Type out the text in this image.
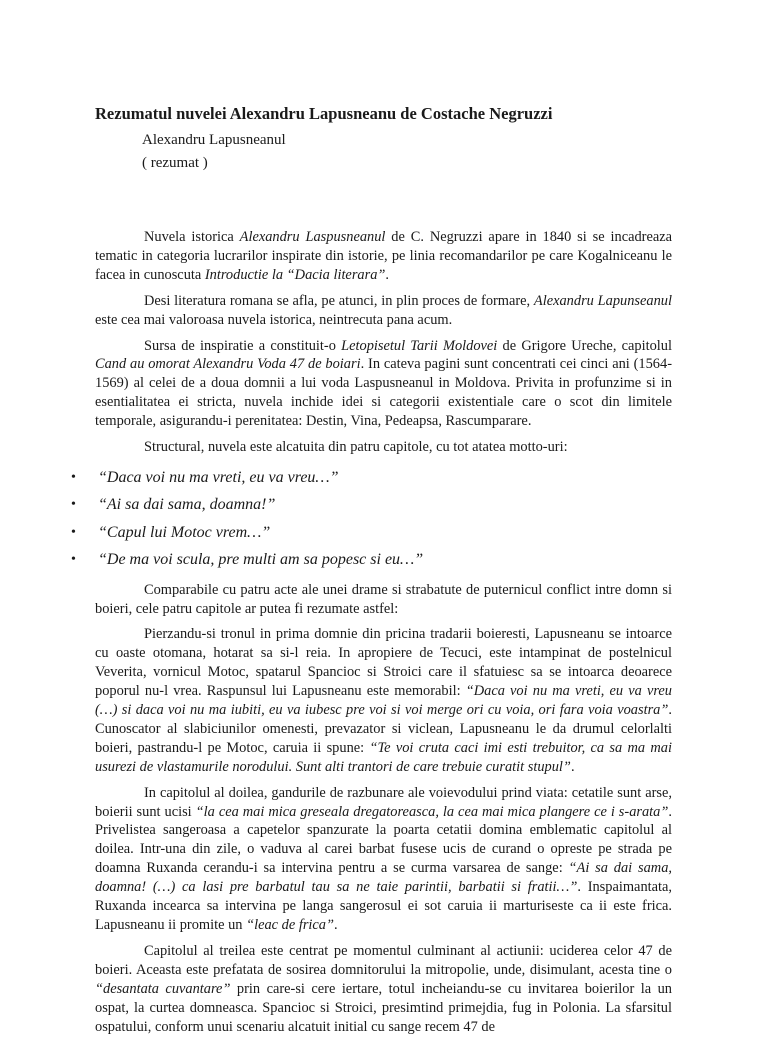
Rezumatul nuvelei Alexandru Lapusneanu de Costache Negruzzi
Alexandru Lapusneanul
( rezumat )

Nuvela istorica Alexandru Laspusneanul de C. Negruzzi apare in 1840 si se incadreaza tematic in categoria lucrarilor inspirate din istorie, pe linia recomandarilor pe care Kogalniceanu le facea in cunoscuta Introductie la “Dacia literara”.

Desi literatura romana se afla, pe atunci, in plin proces de formare, Alexandru Lapunseanul este cea mai valoroasa nuvela istorica, neintrecuta pana acum.

Sursa de inspiratie a constituit-o Letopisetul Tarii Moldovei de Grigore Ureche, capitolul Cand au omorat Alexandru Voda 47 de boiari. In cateva pagini sunt concentrati cei cinci ani (1564-1569) al celei de a doua domnii a lui voda Laspusneanul in Moldova. Privita in profunzime si in esentialitatea ei stricta, nuvela inchide idei si categorii existentiale care o scot din limitele temporale, asigurandu-i perenitatea: Destin, Vina, Pedeapsa, Rascumparare.

Structural, nuvela este alcatuita din patru capitole, cu tot atatea motto-uri:

• “Daca voi nu ma vreti, eu va vreu…”
• “Ai sa dai sama, doamna!”
• “Capul lui Motoc vrem…”
• “De ma voi scula, pre multi am sa popesc si eu…”

Comparabile cu patru acte ale unei drame si strabatute de puternicul conflict intre domn si boieri, cele patru capitole ar putea fi rezumate astfel:

Pierzandu-si tronul in prima domnie din pricina tradarii boieresti, Lapusneanu se intoarce cu oaste otomana, hotarat sa si-l reia. In apropiere de Tecuci, este intampinat de postelnicul Veverita, vornicul Motoc, spatarul Spancioc si Stroici care il sfatuiesc sa se intoarca deoarece poporul nu-l vrea. Raspunsul lui Lapusneanu este memorabil: “Daca voi nu ma vreti, eu va vreu (…) si daca voi nu ma iubiti, eu va iubesc pre voi si voi merge ori cu voia, ori fara voia voastra”. Cunoscator al slabiciunilor omenesti, prevazator si viclean, Lapusneanu le da drumul celorlalti boieri, pastrandu-l pe Motoc, caruia ii spune: “Te voi cruta caci imi esti trebuitor, ca sa ma mai usurezi de vlastamurile norodului. Sunt alti trantori de care trebuie curatit stupul”.

In capitolul al doilea, gandurile de razbunare ale voievodului prind viata: cetatile sunt arse, boierii sunt ucisi “la cea mai mica greseala dregatoreasca, la cea mai mica plangere ce i s-arata”. Privelistea sangeroasa a capetelor spanzurate la poarta cetatii domina emblematic capitolul al doilea. Intr-una din zile, o vaduva al carei barbat fusese ucis de curand o opreste pe strada pe doamna Ruxanda cerandu-i sa intervina pentru a se curma varsarea de sange: “Ai sa dai sama, doamna! (…) ca lasi pre barbatul tau sa ne taie parintii, barbatii si fratii…”. Inspaimantata, Ruxanda incearca sa intervina pe langa sangerosul ei sot caruia ii marturiseste ca ii este frica. Lapusneanu ii promite un “leac de frica”.

Capitolul al treilea este centrat pe momentul culminant al actiunii: uciderea celor 47 de boieri. Aceasta este prefatata de sosirea domnitorului la mitropolie, unde, disimulant, acesta tine o “desantata cuvantare” prin care-si cere iertare, totul incheiandu-se cu invitarea boierilor la un ospat, la curtea domneasca. Spancioc si Stroici, presimtind primejdia, fug in Polonia. La sfarsitul ospatului, conform unui scenariu alcatuit initial cu sange recem 47 de
